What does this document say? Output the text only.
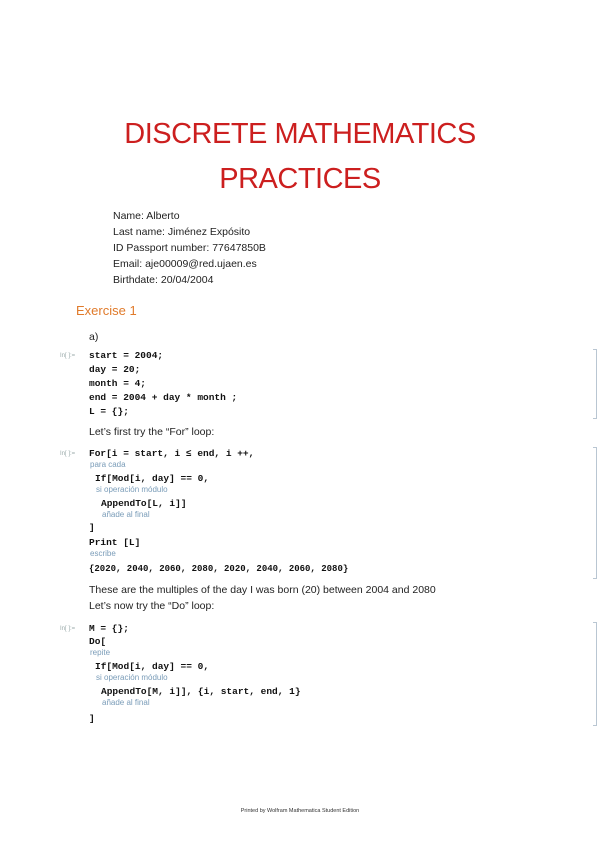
DISCRETE MATHEMATICS
PRACTICES
Name: Alberto
Last name: Jiménez Expósito
ID Passport number: 77647850B
Email: aje00009@red.ujaen.es
Birthdate: 20/04/2004
Exercise 1
a)
In[ ]:= start = 2004;
day = 20;
month = 4;
end = 2004 + day * month ;
L = {};
Let’s first try the “For” loop:
In[ ]:= For[i = start, i ≤ end, i ++,
para cada
If[Mod[i, day] == 0,
si operación módulo
AppendTo[L, i]]
añade al final
]
Print [L]
escribe
{2020, 2040, 2060, 2080, 2020, 2040, 2060, 2080}
These are the multiples of the day I was born (20) between 2004 and 2080
Let’s now try the “Do” loop:
In[ ]:= M = {};
Do[
repite
If[Mod[i, day] == 0,
si operación módulo
AppendTo[M, i]], {i, start, end, 1}
añade al final
]
Printed by Wolfram Mathematica Student Edition
